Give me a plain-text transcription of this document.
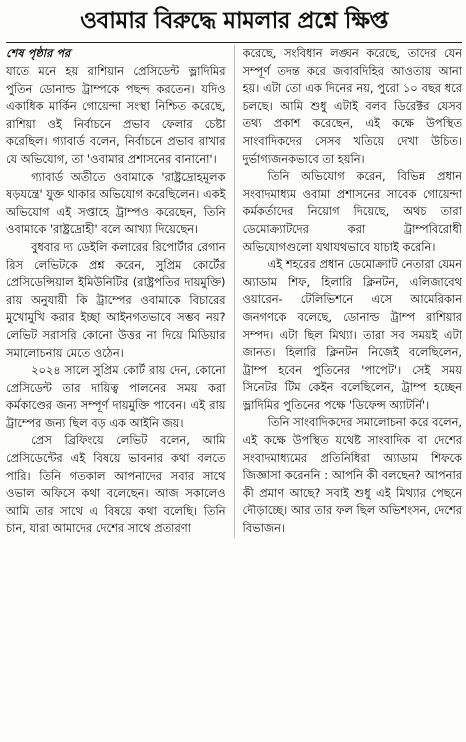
ওবামার বিরুদ্ধে মামলার প্রশ্নে ক্ষিপ্ত
শেষ পৃষ্ঠার পর

যাতে মনে হয় রাশিয়ান প্রেসিডেন্ট ভ্লাদিমির পুতিন ডোনাল্ড ট্রাম্পকে পছন্দ করতেন। যদিও একাধিক মার্কিন গোয়েন্দা সংস্থা নিশ্চিত করেছে, রাশিয়া ওই নির্বাচনে প্রভাব ফেলার চেষ্টা করেছিল। গ্যাবার্ড বলেন, নির্বাচনে প্রভাব রাখার যে অভিযোগ, তা 'ওবামার প্রশাসনের বানানো'।

গ্যাবার্ড অতীতে ওবামাকে 'রাষ্ট্রদ্রোহমূলক ষড়যন্ত্রে' যুক্ত থাকার অভিযোগ করেছিলেন। একই অভিযোগ এই সপ্তাহে ট্রাম্পও করেছেন, তিনি ওবামাকে 'রাষ্ট্রদ্রোহী' বলে আখ্যা দিয়েছেন।

বুধবার দ্য ডেইলি কলারের রিপোর্টার রেগান রিস লেভিটকে প্রশ্ন করেন, সুপ্রিম কোর্টের প্রেসিডেন্সিয়াল ইমিউনিটির (রাষ্ট্রপতির দায়মুক্তি) রায় অনুযায়ী কি ট্রাম্পের ওবামাকে বিচারের মুখোমুখি করার ইচ্ছা আইনগতভাবে সম্ভব নয়? লেভিট সরাসরি কোনো উত্তর না দিয়ে মিডিয়ার সমালোচনায় মেতে ওঠেন।

২০২৪ সালে সুপ্রিম কোর্ট রায় দেন, কোনো প্রেসিডেন্ট তার দায়িত্ব পালনের সময় করা কর্মকাণ্ডের জন্য সম্পূর্ণ দায়মুক্তি পাবেন। এই রায় ট্রাম্পের জন্য ছিল বড় এক আইনি জয়।

প্রেস ব্রিফিংয়ে লেভিট বলেন, আমি প্রেসিডেন্টের এই বিষয়ে ভাবনার কথা বলতে পারি। তিনি গতকাল আপনাদের সবার সাথে ওভাল অফিসে কথা বলেছেন। আজ সকালেও আমি তার সাথে এ বিষয়ে কথা বলেছি। তিনি চান, যারা আমাদের দেশের সাথে প্রতারণা

করেছে, সংবিধান লঙ্ঘন করেছে, তাদের যেন সম্পূর্ণ তদন্ত করে জবাবদিহির আওতায় আনা হয়। এটা তো এক দিনের নয়, পুরো ১০ বছর ধরে চলছে। আমি শুধু এটাই বলব ডিরেক্টর যেসব তথ্য প্রকাশ করেছেন, এই কক্ষে উপস্থিত সাংবাদিকদের সেসব খতিয়ে দেখা উচিত। দুর্ভাগ্যজনকভাবে তা হয়নি।

তিনি অভিযোগ করেন, বিভিন্ন প্রধান সংবাদমাধ্যম ওবামা প্রশাসনের সাবেক গোয়েন্দা কর্মকর্তাদের নিয়োগ দিয়েছে, অথচ তারা ডেমোক্র্যাটদের করা ট্রাম্পবিরোধী অভিযোগগুলো যথাযথভাবে যাচাই করেনি।

এই শহরের প্রধান ডেমোক্র্যাট নেতারা যেমন অ্যাডাম শিফ, হিলারি ক্লিনটন, এলিজাবেথ ওয়ারেন- টেলিভিশনে এসে আমেরিকান জনগণকে বলেছে, ডোনাল্ড ট্রাম্প রাশিয়ার সম্পদ। এটা ছিল মিথ্যা। তারা সব সময়ই এটা জানত। হিলারি ক্লিনটন নিজেই বলেছিলেন, ট্রাম্প হবেন পুতিনের 'পাপেট'। সেই সময় সিনেটর টিম কেইন বলেছিলেন, ট্রাম্প হচ্ছেন ভ্লাদিমির পুতিনের পক্ষে 'ডিফেন্স অ্যাটর্নি'।

তিনি সাংবাদিকদের সমালোচনা করে বলেন, এই কক্ষে উপস্থিত যথেষ্ট সাংবাদিক বা দেশের সংবাদমাধ্যমের প্রতিনিধিরা অ্যাডাম শিফকে জিজ্ঞাসা করেননি : আপনি কী বলছেন? আপনার কী প্রমাণ আছে? সবাই শুধু এই মিথ্যার পেছনে দৌড়াচ্ছে। আর তার ফল ছিল অভিশংসন, দেশের বিভাজন।
